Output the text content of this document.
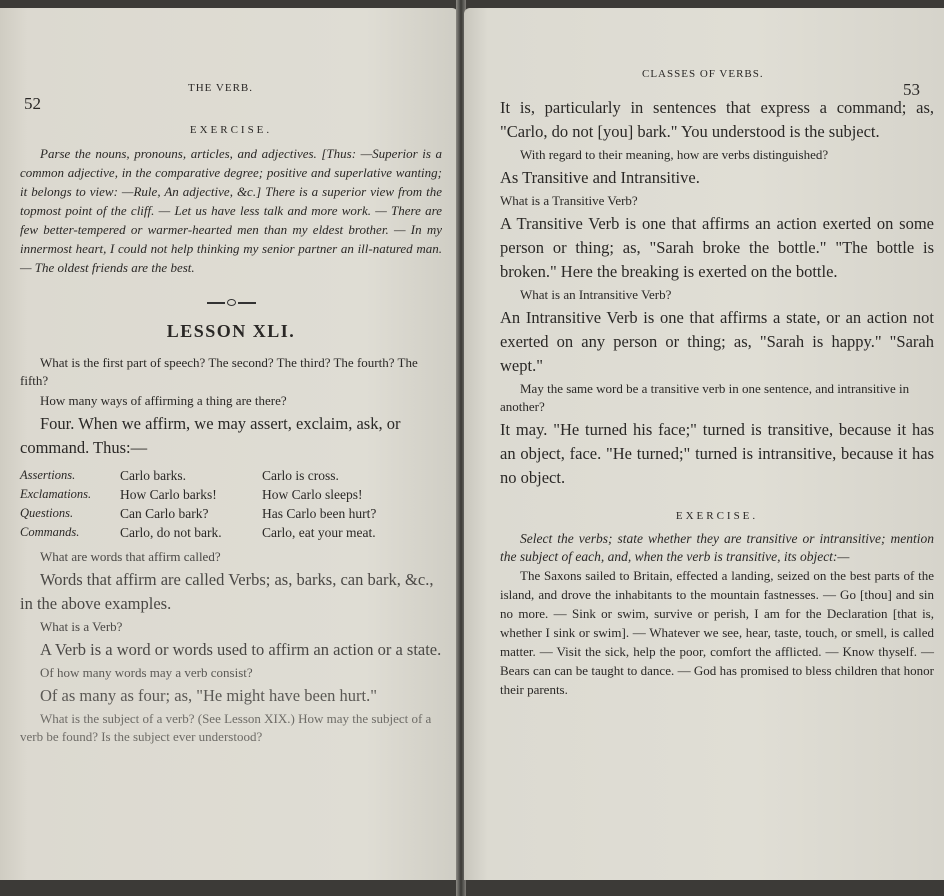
52
THE VERB.
EXERCISE.

Parse the nouns, pronouns, articles, and adjectives. [Thus: —Superior is a common adjective, in the comparative degree; positive and superlative wanting; it belongs to view: —Rule, An adjective, &c.] There is a superior view from the topmost point of the cliff. — Let us have less talk and more work. — There are few better-tempered or warmer-hearted men than my eldest brother. — In my innermost heart, I could not help thinking my senior partner an ill-natured man. — The oldest friends are the best.

LESSON XLI.

What is the first part of speech? The second? The third? The fourth? The fifth?

How many ways of affirming a thing are there?

Four. When we affirm, we may assert, exclaim, ask, or command. Thus:—

Assertions.	Carlo barks.	Carlo is cross.
Exclamations.	How Carlo barks!	How Carlo sleeps!
Questions.	Can Carlo bark?	Has Carlo been hurt?
Commands.	Carlo, do not bark.	Carlo, eat your meat.

What are words that affirm called?

Words that affirm are called Verbs; as, barks, can bark, &c., in the above examples.

What is a Verb?

A Verb is a word or words used to affirm an action or a state.

Of how many words may a verb consist?

Of as many as four; as, "He might have been hurt."

What is the subject of a verb? (See Lesson XIX.) How may the subject of a verb be found? Is the subject ever understood?

CLASSES OF VERBS.
53

It is, particularly in sentences that express a command; as, "Carlo, do not [you] bark." You understood is the subject.

With regard to their meaning, how are verbs distinguished?

As Transitive and Intransitive.

What is a Transitive Verb?

A Transitive Verb is one that affirms an action exerted on some person or thing; as, "Sarah broke the bottle." "The bottle is broken." Here the breaking is exerted on the bottle.

What is an Intransitive Verb?

An Intransitive Verb is one that affirms a state, or an action not exerted on any person or thing; as, "Sarah is happy." "Sarah wept."

May the same word be a transitive verb in one sentence, and intransitive in another?

It may. "He turned his face;" turned is transitive, because it has an object, face. "He turned;" turned is intransitive, because it has no object.

EXERCISE.

Select the verbs; state whether they are transitive or intransitive; mention the subject of each, and, when the verb is transitive, its object:—

The Saxons sailed to Britain, effected a landing, seized on the best parts of the island, and drove the inhabitants to the mountain fastnesses. — Go [thou] and sin no more. — Sink or swim, survive or perish, I am for the Declaration [that is, whether I sink or swim]. — Whatever we see, hear, taste, touch, or smell, is called matter. — Visit the sick, help the poor, comfort the afflicted. — Know thyself. — Bears can can be taught to dance. — God has promised to bless children that honor their parents.
